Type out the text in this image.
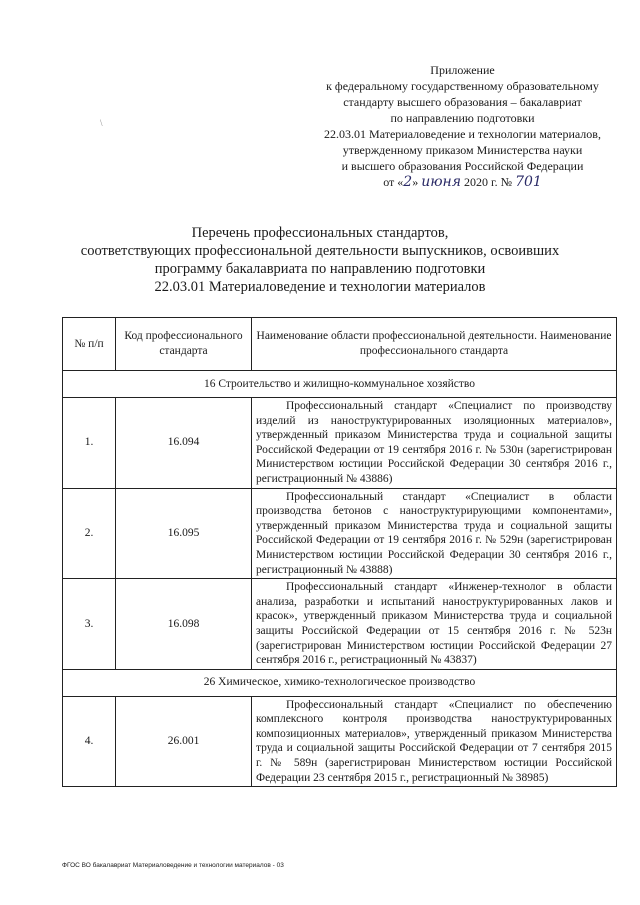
\
Приложение
к федеральному государственному образовательному
стандарту высшего образования – бакалавриат
по направлению подготовки
22.03.01 Материаловедение и технологии материалов,
утвержденному приказом Министерства науки
и высшего образования Российской Федерации
от «2» июня 2020 г. № 701
Перечень профессиональных стандартов,
соответствующих профессиональной деятельности выпускников, освоивших
программу бакалавриата по направлению подготовки
22.03.01 Материаловедение и технологии материалов
№ п/п	Код профессионального стандарта	Наименование области профессиональной деятельности. Наименование профессионального стандарта
16 Строительство и жилищно-коммунальное хозяйство		
1.	16.094	Профессиональный стандарт «Специалист по производству изделий из наноструктурированных изоляционных материалов», утвержденный приказом Министерства труда и социальной защиты Российской Федерации от 19 сентября 2016 г. № 530н (зарегистрирован Министерством юстиции Российской Федерации 30 сентября 2016 г., регистрационный № 43886)
2.	16.095	Профессиональный стандарт «Специалист в области производства бетонов с наноструктурирующими компонентами», утвержденный приказом Министерства труда и социальной защиты Российской Федерации от 19 сентября 2016 г. № 529н (зарегистрирован Министерством юстиции Российской Федерации 30 сентября 2016 г., регистрационный № 43888)
3.	16.098	Профессиональный стандарт «Инженер-технолог в области анализа, разработки и испытаний наноструктурированных лаков и красок», утвержденный приказом Министерства труда и социальной защиты Российской Федерации от 15 сентября 2016 г. № 523н (зарегистрирован Министерством юстиции Российской Федерации 27 сентября 2016 г., регистрационный № 43837)
26 Химическое, химико-технологическое производство		
4.	26.001	Профессиональный стандарт «Специалист по обеспечению комплексного контроля производства наноструктурированных композиционных материалов», утвержденный приказом Министерства труда и социальной защиты Российской Федерации от 7 сентября 2015 г. № 589н (зарегистрирован Министерством юстиции Российской Федерации 23 сентября 2015 г., регистрационный № 38985)
ФГОС ВО бакалавриат Материаловедение и технологии материалов - 03
